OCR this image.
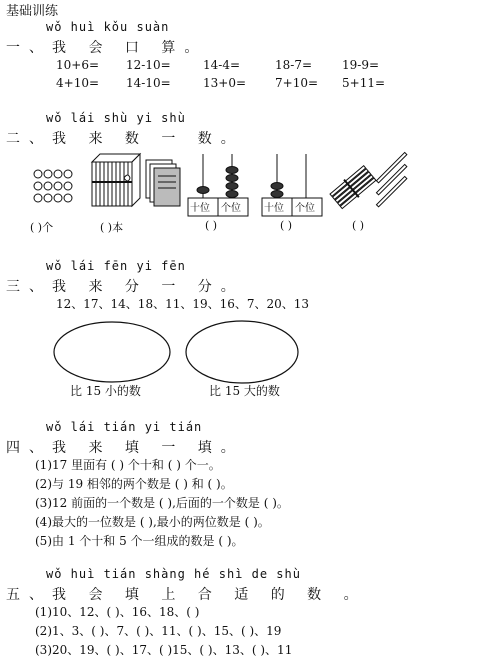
基础训练
wǒ huì kǒu suàn
一、我 会 口 算。
10+6= 12-10=	14-4=	18-7= 19-9=
4+10= 14-10=	13+0= 7+10= 5+11=
wǒ lái shù yi shù
二、我 来 数 一 数。
十位 个位 十位 个位
( )个	( )本	( )	( )	( )
wǒ lái fēn yi fēn
三、我 来 分 一 分。
12、17、14、18、11、19、16、7、20、13
比 15 小的数	比 15 大的数
wǒ lái tián yi tián
四、我 来 填 一 填。
(1)17 里面有 ( ) 个十和 ( ) 个一。
(2)与 19 相邻的两个数是 ( ) 和 ( )。
(3)12 前面的一个数是 ( ),后面的一个数是 ( )。
(4)最大的一位数是 ( ),最小的两位数是 ( )。
(5)由 1 个十和 5 个一组成的数是 ( )。
wǒ huì tián shàng hé shì de shù
五、我 会 填 上 合 适 的 数 。
(1)10、12、( )、16、18、( )
(2)1、3、( )、7、( )、11、( )、15、( )、19
(3)20、19、( )、17、( )15、( )、13、( )、11
